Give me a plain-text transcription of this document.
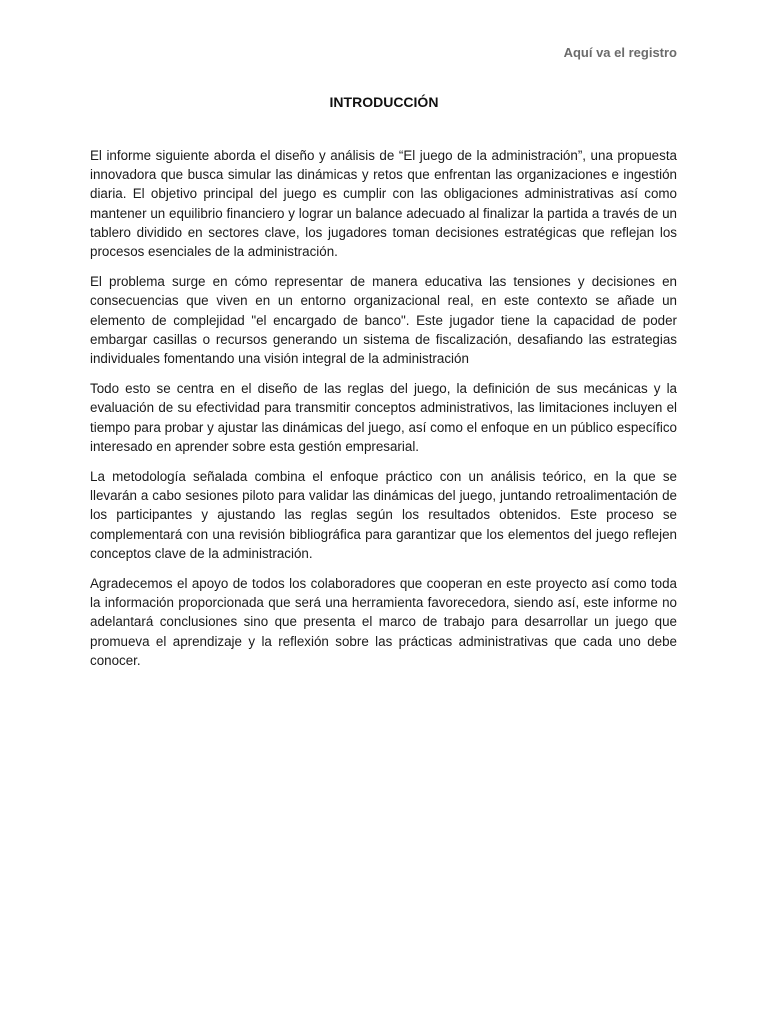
Aquí va el registro

INTRODUCCIÓN

El informe siguiente aborda el diseño y análisis de “El juego de la administración”, una propuesta innovadora que busca simular las dinámicas y retos que enfrentan las organizaciones e ingestión diaria. El objetivo principal del juego es cumplir con las obligaciones administrativas así como mantener un equilibrio financiero y lograr un balance adecuado al finalizar la partida a través de un tablero dividido en sectores clave, los jugadores toman decisiones estratégicas que reflejan los procesos esenciales de la administración.

El problema surge en cómo representar de manera educativa las tensiones y decisiones en consecuencias que viven en un entorno organizacional real, en este contexto se añade un elemento de complejidad "el encargado de banco". Este jugador tiene la capacidad de poder embargar casillas o recursos generando un sistema de fiscalización, desafiando las estrategias individuales fomentando una visión integral de la administración

Todo esto se centra en el diseño de las reglas del juego, la definición de sus mecánicas y la evaluación de su efectividad para transmitir conceptos administrativos, las limitaciones incluyen el tiempo para probar y ajustar las dinámicas del juego, así como el enfoque en un público específico interesado en aprender sobre esta gestión empresarial.

La metodología señalada combina el enfoque práctico con un análisis teórico, en la que se llevarán a cabo sesiones piloto para validar las dinámicas del juego, juntando retroalimentación de los participantes y ajustando las reglas según los resultados obtenidos. Este proceso se complementará con una revisión bibliográfica para garantizar que los elementos del juego reflejen conceptos clave de la administración.

Agradecemos el apoyo de todos los colaboradores que cooperan en este proyecto así como toda la información proporcionada que será una herramienta favorecedora, siendo así, este informe no adelantará conclusiones sino que presenta el marco de trabajo para desarrollar un juego que promueva el aprendizaje y la reflexión sobre las prácticas administrativas que cada uno debe conocer.
